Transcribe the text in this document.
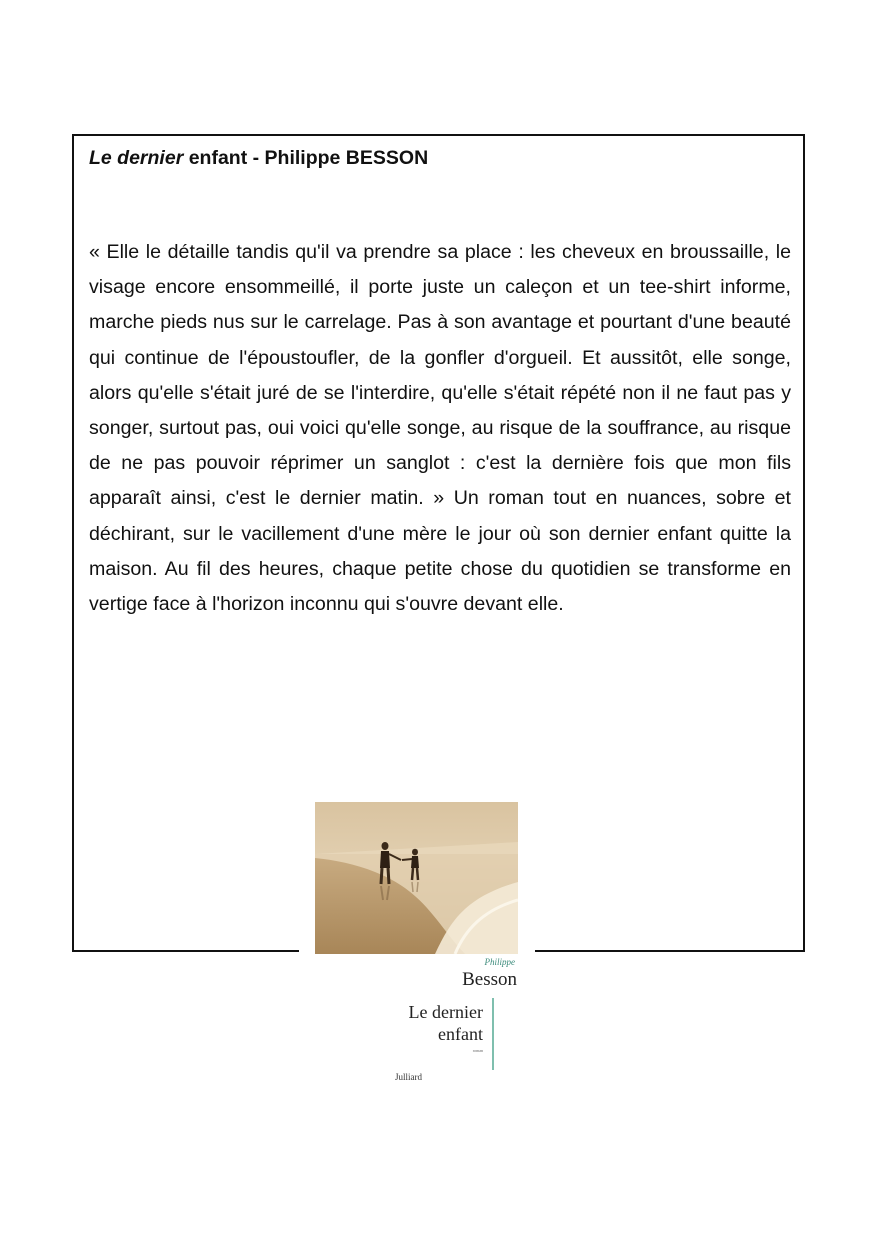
Le dernier enfant - Philippe BESSON

« Elle le détaille tandis qu'il va prendre sa place : les cheveux en broussaille, le visage encore ensommeillé, il porte juste un caleçon et un tee-shirt informe, marche pieds nus sur le carrelage. Pas à son avantage et pourtant d'une beauté qui continue de l'époustoufler, de la gonfler d'orgueil. Et aussitôt, elle songe, alors qu'elle s'était juré de se l'interdire, qu'elle s'était répété non il ne faut pas y songer, surtout pas, oui voici qu'elle songe, au risque de la souffrance, au risque de ne pas pouvoir réprimer un sanglot : c'est la dernière fois que mon fils apparaît ainsi, c'est le dernier matin. » Un roman tout en nuances, sobre et déchirant, sur le vacillement d'une mère le jour où son dernier enfant quitte la maison. Au fil des heures, chaque petite chose du quotidien se transforme en vertige face à l'horizon inconnu qui s'ouvre devant elle.

Philippe
Besson
Le dernier
enfant
roman
Julliard
